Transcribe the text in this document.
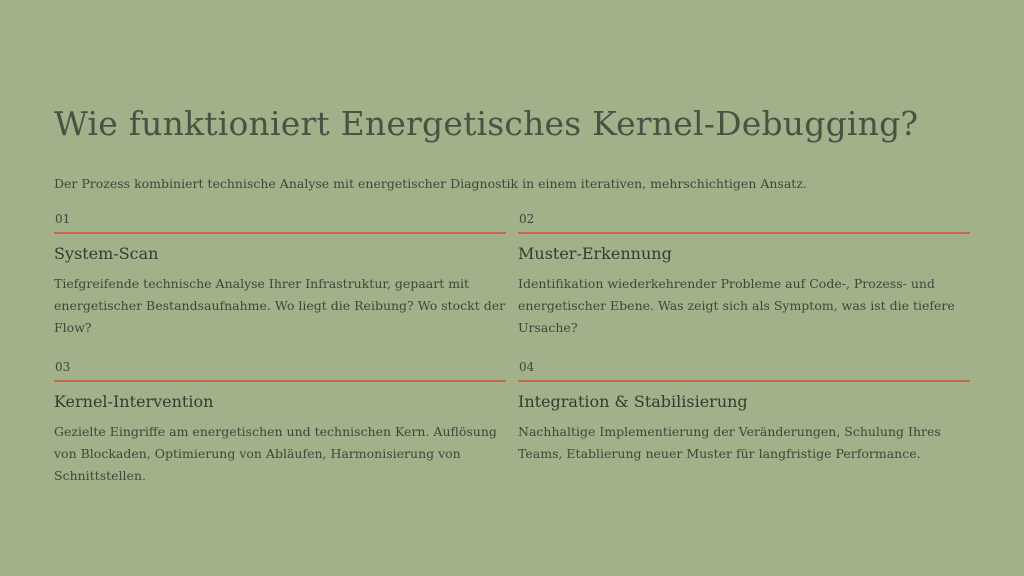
Wie funktioniert Energetisches Kernel-Debugging?

Der Prozess kombiniert technische Analyse mit energetischer Diagnostik in einem iterativen, mehrschichtigen Ansatz.

01
System-Scan

Tiefgreifende technische Analyse Ihrer Infrastruktur, gepaart mit energetischer Bestandsaufnahme. Wo liegt die Reibung? Wo stockt der Flow?

02
Muster-Erkennung

Identifikation wiederkehrender Probleme auf Code-, Prozess- und energetischer Ebene. Was zeigt sich als Symptom, was ist die tiefere Ursache?

03
Kernel-Intervention

Gezielte Eingriffe am energetischen und technischen Kern. Auflösung von Blockaden, Optimierung von Abläufen, Harmonisierung von Schnittstellen.

04
Integration & Stabilisierung

Nachhaltige Implementierung der Veränderungen, Schulung Ihres Teams, Etablierung neuer Muster für langfristige Performance.
